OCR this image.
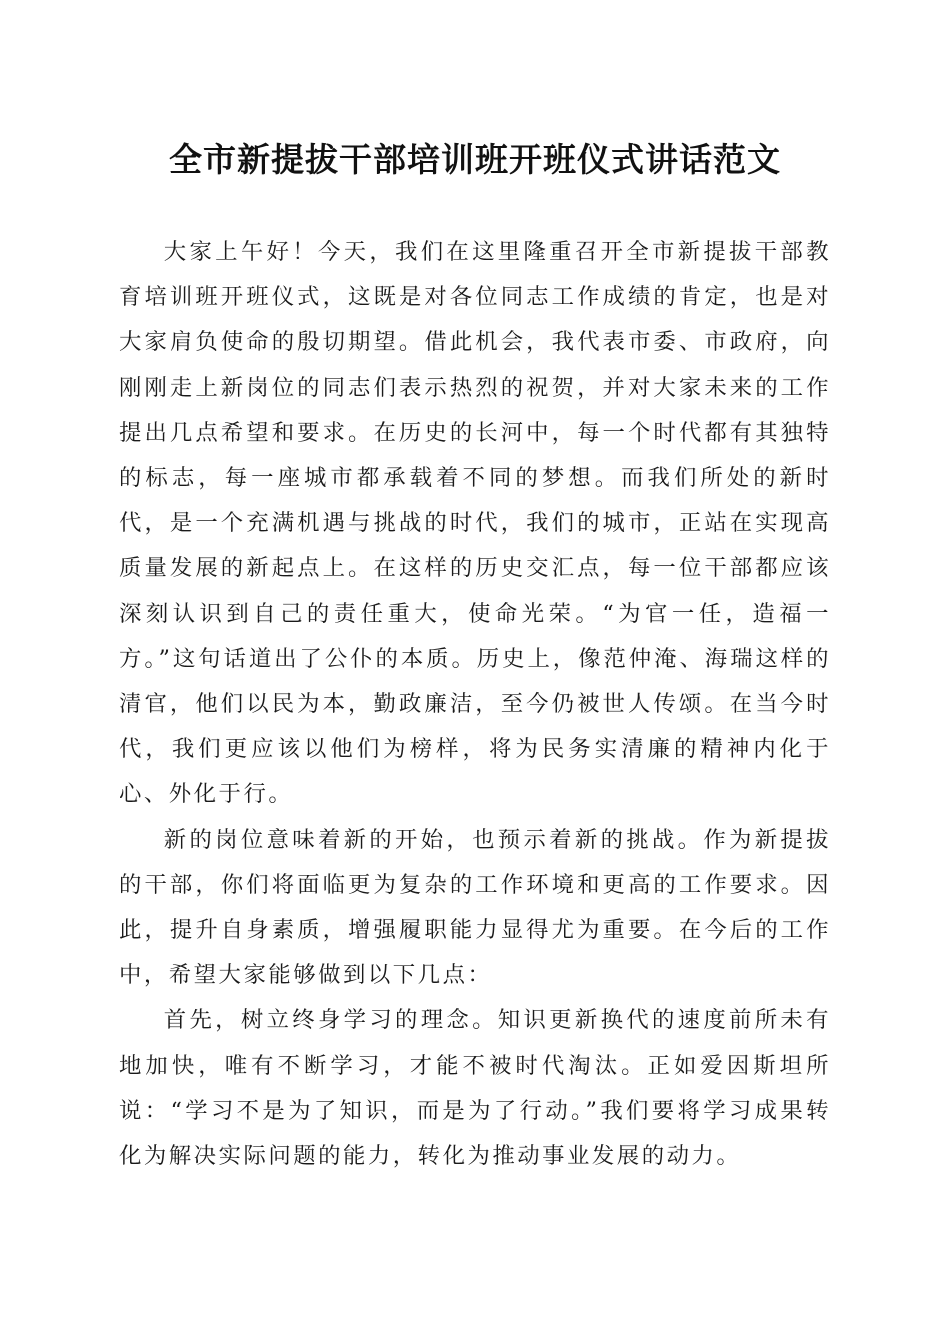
全市新提拔干部培训班开班仪式讲话范文

大家上午好！今天，我们在这里隆重召开全市新提拔干部教育培训班开班仪式，这既是对各位同志工作成绩的肯定，也是对大家肩负使命的殷切期望。借此机会，我代表市委、市政府，向刚刚走上新岗位的同志们表示热烈的祝贺，并对大家未来的工作提出几点希望和要求。在历史的长河中，每一个时代都有其独特的标志，每一座城市都承载着不同的梦想。而我们所处的新时代，是一个充满机遇与挑战的时代，我们的城市，正站在实现高质量发展的新起点上。在这样的历史交汇点，每一位干部都应该深刻认识到自己的责任重大，使命光荣。“为官一任，造福一方。”这句话道出了公仆的本质。历史上，像范仲淹、海瑞这样的清官，他们以民为本，勤政廉洁，至今仍被世人传颂。在当今时代，我们更应该以他们为榜样，将为民务实清廉的精神内化于心、外化于行。

新的岗位意味着新的开始，也预示着新的挑战。作为新提拔的干部，你们将面临更为复杂的工作环境和更高的工作要求。因此，提升自身素质，增强履职能力显得尤为重要。在今后的工作中，希望大家能够做到以下几点：

首先，树立终身学习的理念。知识更新换代的速度前所未有地加快，唯有不断学习，才能不被时代淘汰。正如爱因斯坦所说：“学习不是为了知识，而是为了行动。”我们要将学习成果转化为解决实际问题的能力，转化为推动事业发展的动力。
